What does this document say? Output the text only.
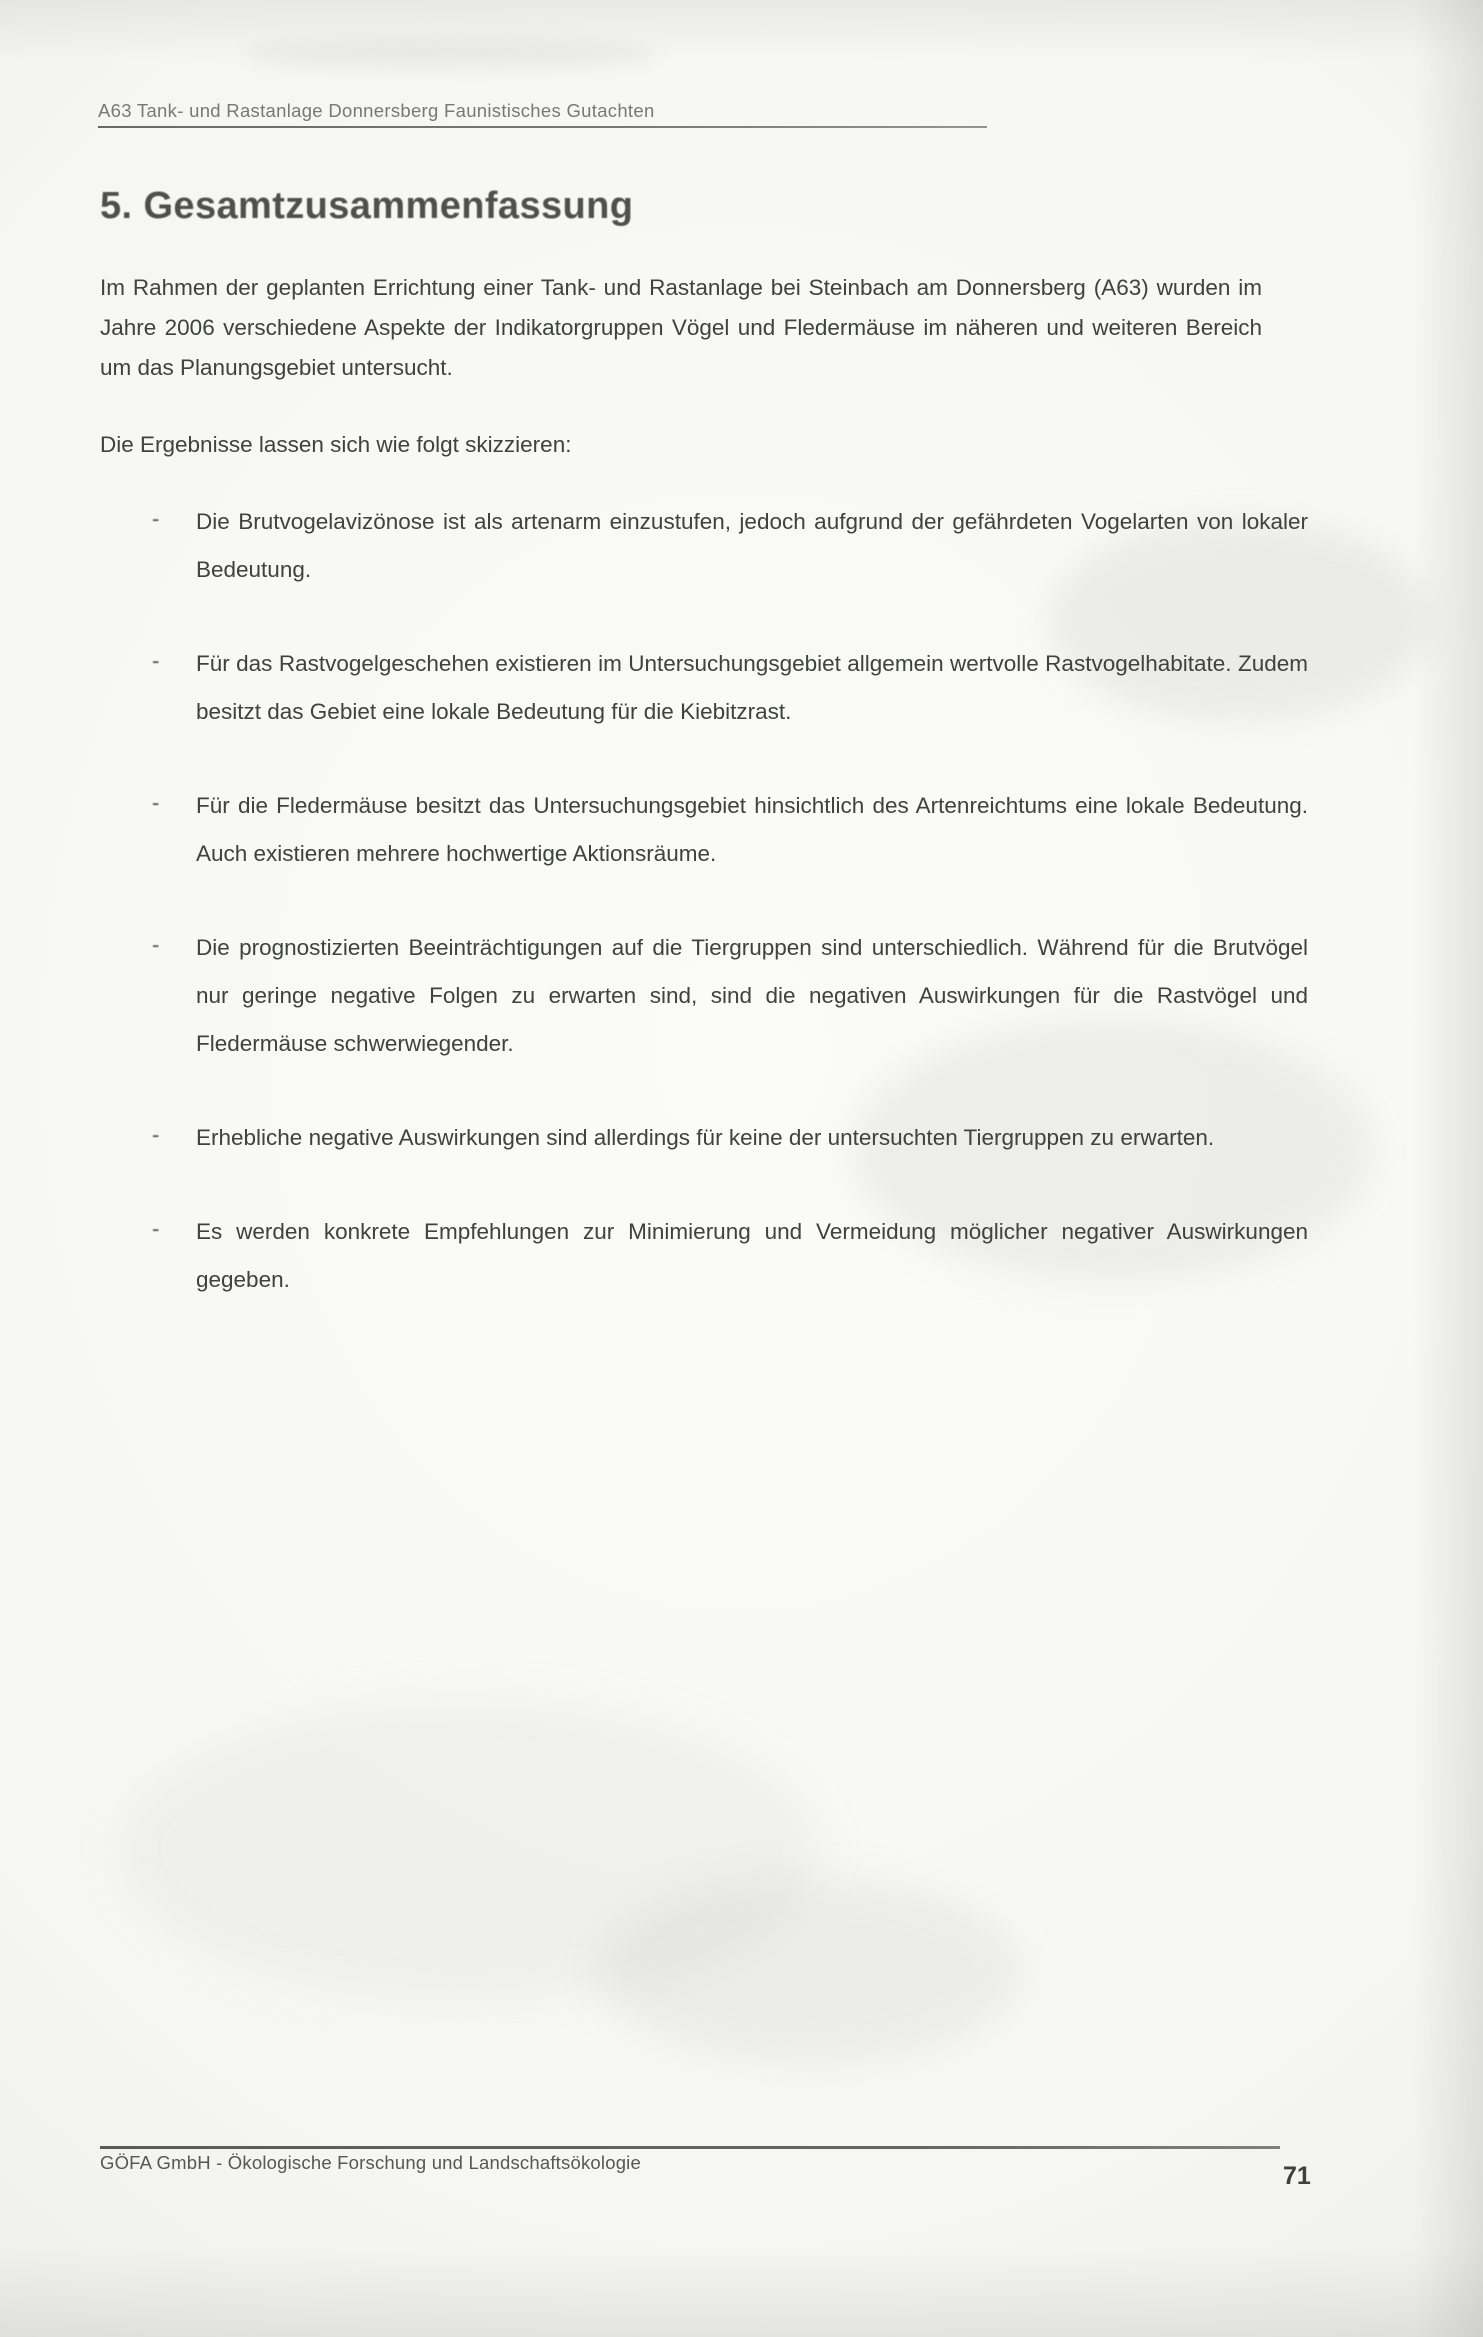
A63 Tank- und Rastanlage Donnersberg Faunistisches Gutachten
5. Gesamtzusammenfassung
Im Rahmen der geplanten Errichtung einer Tank- und Rastanlage bei Steinbach am Donnersberg (A63) wurden im Jahre 2006 verschiedene Aspekte der Indikatorgruppen Vögel und Fledermäuse im näheren und weiteren Bereich um das Planungsgebiet untersucht.
Die Ergebnisse lassen sich wie folgt skizzieren:
-	Die Brutvogelavizönose ist als artenarm einzustufen, jedoch aufgrund der gefährdeten Vogelarten von lokaler Bedeutung.
-	Für das Rastvogelgeschehen existieren im Untersuchungsgebiet allgemein wertvolle Rastvogelhabitate. Zudem besitzt das Gebiet eine lokale Bedeutung für die Kiebitzrast.
-	Für die Fledermäuse besitzt das Untersuchungsgebiet hinsichtlich des Artenreichtums eine lokale Bedeutung. Auch existieren mehrere hochwertige Aktionsräume.
-	Die prognostizierten Beeinträchtigungen auf die Tiergruppen sind unterschiedlich. Während für die Brutvögel nur geringe negative Folgen zu erwarten sind, sind die negativen Auswirkungen für die Rastvögel und Fledermäuse schwerwiegender.
-	Erhebliche negative Auswirkungen sind allerdings für keine der untersuchten Tiergruppen zu erwarten.
-	Es werden konkrete Empfehlungen zur Minimierung und Vermeidung möglicher negativer Auswirkungen gegeben.
GÖFA GmbH - Ökologische Forschung und Landschaftsökologie	71
